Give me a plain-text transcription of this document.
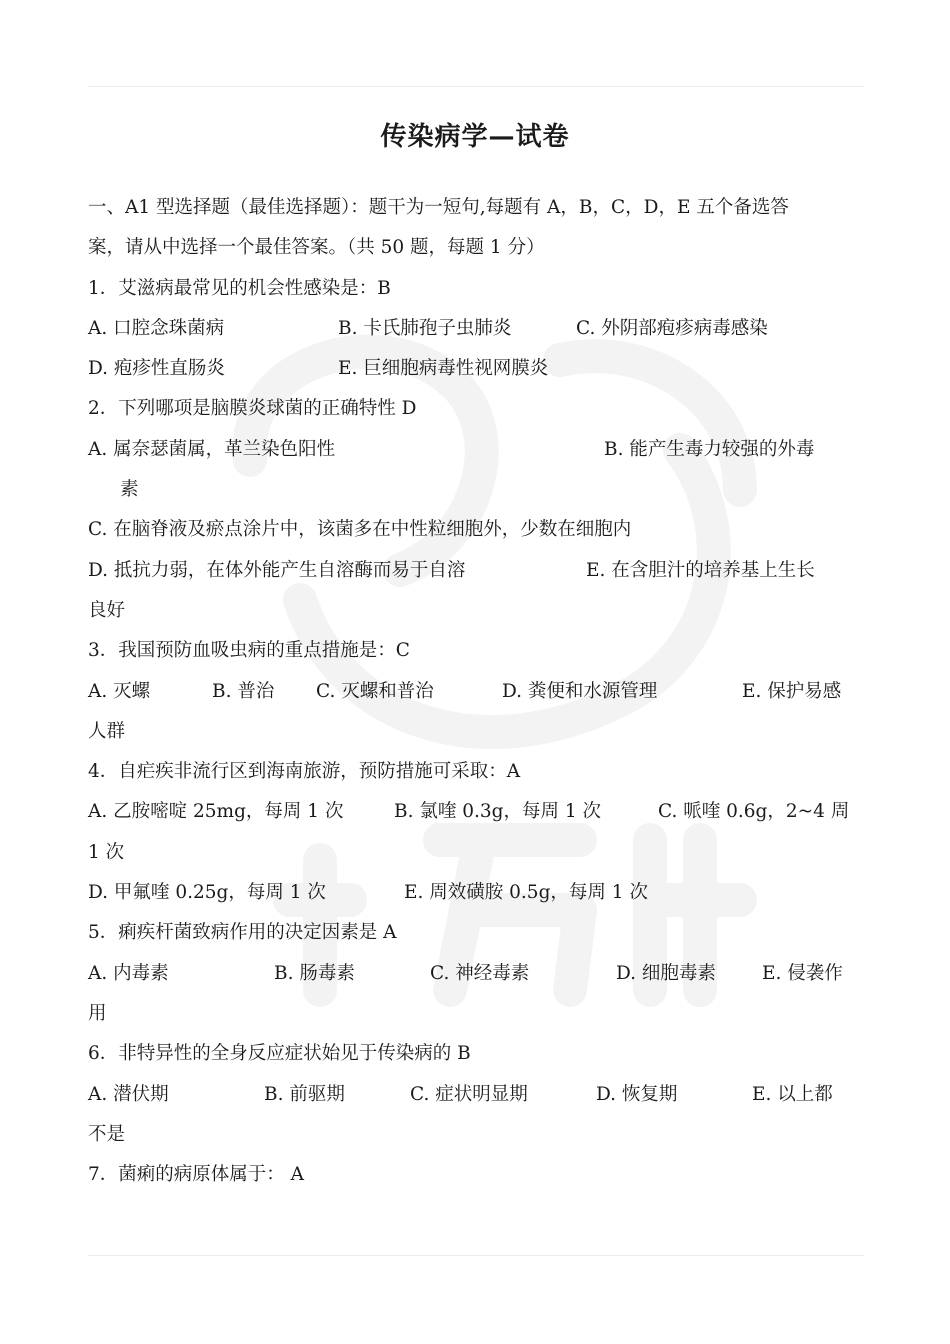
传染病学—试卷
一、A1 型选择题（最佳选择题）：题干为一短句,每题有 A，B，C，D，E 五个备选答
案，请从中选择一个最佳答案。（共 50 题，每题 1 分）
1．艾滋病最常见的机会性感染是：B
A. 口腔念珠菌病	B. 卡氏肺孢子虫肺炎	C. 外阴部疱疹病毒感染
D. 疱疹性直肠炎	E. 巨细胞病毒性视网膜炎
2．下列哪项是脑膜炎球菌的正确特性 D
A. 属奈瑟菌属，革兰染色阳性	B. 能产生毒力较强的外毒
素
C. 在脑脊液及瘀点涂片中，该菌多在中性粒细胞外，少数在细胞内
D. 抵抗力弱，在体外能产生自溶酶而易于自溶	E. 在含胆汁的培养基上生长
良好
3．我国预防血吸虫病的重点措施是：C
A. 灭螺	B. 普治 C. 灭螺和普治	D. 粪便和水源管理	E. 保护易感
人群
4．自疟疾非流行区到海南旅游，预防措施可采取：A
A. 乙胺嘧啶 25mg，每周 1 次	B. 氯喹 0.3g，每周 1 次	C. 哌喹 0.6g，2~4 周
1 次
D. 甲氟喹 0.25g，每周 1 次	E. 周效磺胺 0.5g，每周 1 次
5．痢疾杆菌致病作用的决定因素是 A
A. 内毒素	B. 肠毒素	C. 神经毒素	D. 细胞毒素 E. 侵袭作
用
6．非特异性的全身反应症状始见于传染病的 B
A. 潜伏期	B. 前驱期	C. 症状明显期	D. 恢复期	E. 以上都
不是
7．菌痢的病原体属于： A
